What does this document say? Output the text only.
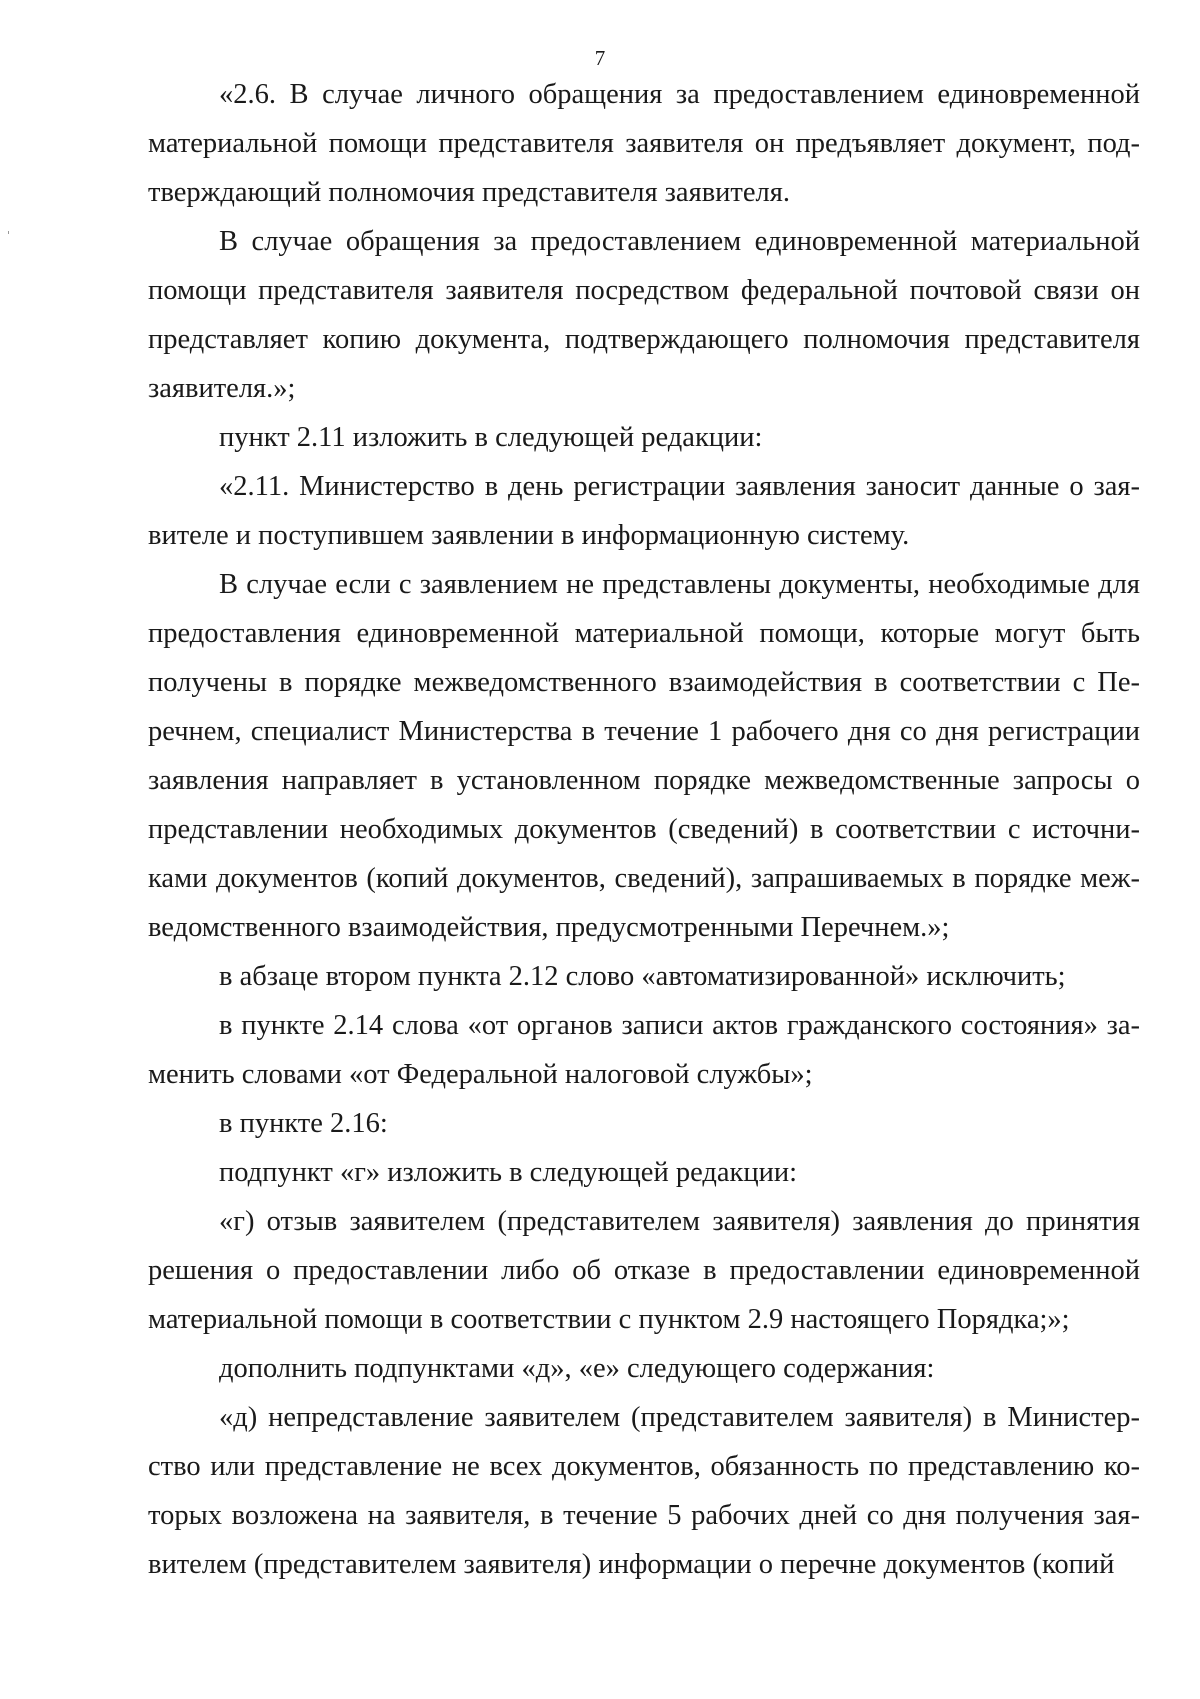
7

«2.6. В случае личного обращения за предоставлением единовременной материальной помощи представителя заявителя он предъявляет документ, подтверждающий полномочия представителя заявителя.

В случае обращения за предоставлением единовременной материальной помощи представителя заявителя посредством федеральной почтовой связи он представляет копию документа, подтверждающего полномочия представителя заявителя.»;

пункт 2.11 изложить в следующей редакции:

«2.11. Министерство в день регистрации заявления заносит данные о заявителе и поступившем заявлении в информационную систему.

В случае если с заявлением не представлены документы, необходимые для предоставления единовременной материальной помощи, которые могут быть получены в порядке межведомственного взаимодействия в соответствии с Перечнем, специалист Министерства в течение 1 рабочего дня со дня регистрации заявления направляет в установленном порядке межведомственные запросы о представлении необходимых документов (сведений) в соответствии с источниками документов (копий документов, сведений), запрашиваемых в порядке межведомственного взаимодействия, предусмотренными Перечнем.»;

в абзаце втором пункта 2.12 слово «автоматизированной» исключить;

в пункте 2.14 слова «от органов записи актов гражданского состояния» заменить словами «от Федеральной налоговой службы»;

в пункте 2.16:

подпункт «г» изложить в следующей редакции:

«г) отзыв заявителем (представителем заявителя) заявления до принятия решения о предоставлении либо об отказе в предоставлении единовременной материальной помощи в соответствии с пунктом 2.9 настоящего Порядка;»;

дополнить подпунктами «д», «е» следующего содержания:

«д) непредставление заявителем (представителем заявителя) в Министерство или представление не всех документов, обязанность по представлению которых возложена на заявителя, в течение 5 рабочих дней со дня получения заявителем (представителем заявителя) информации о перечне документов (копий
